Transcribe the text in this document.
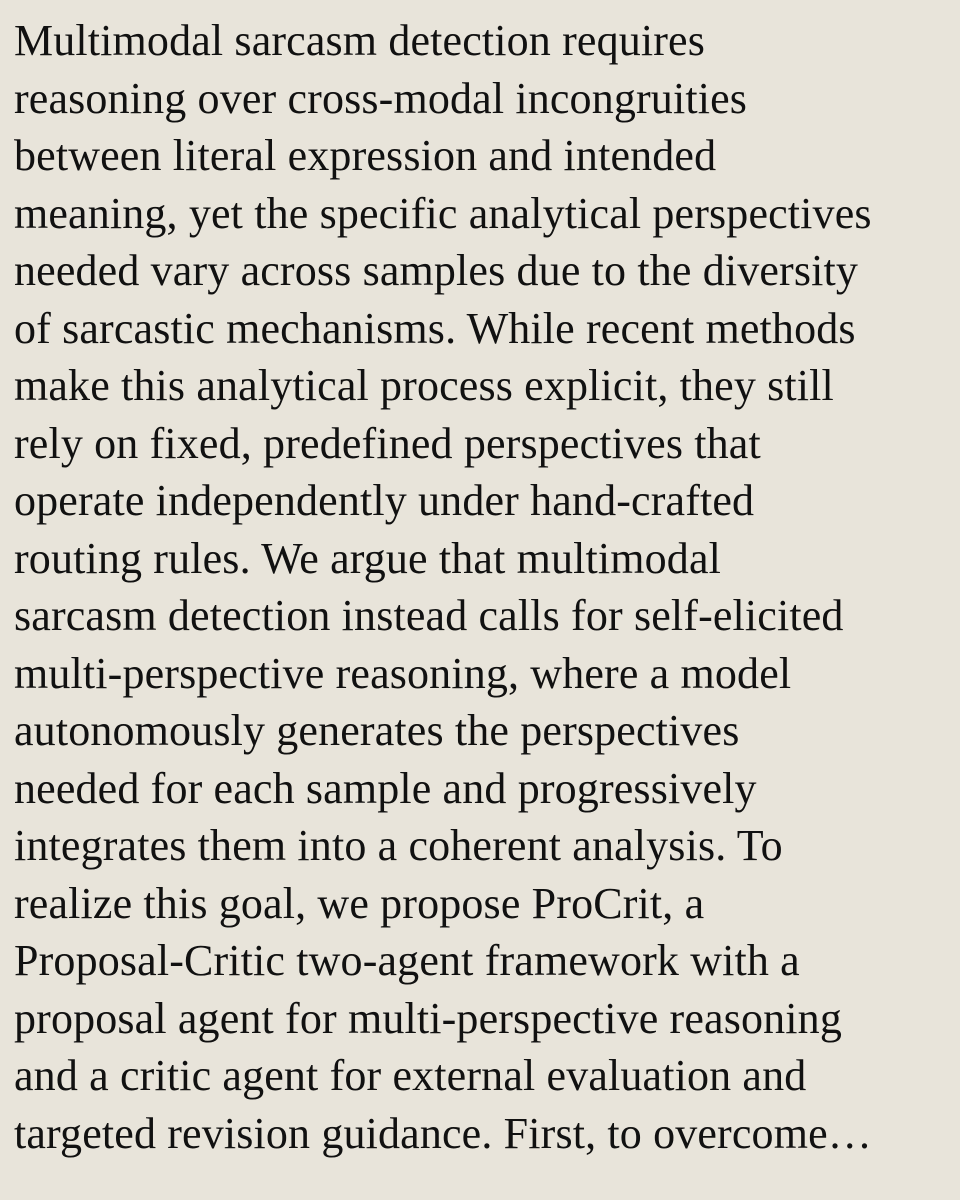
Multimodal sarcasm detection requires
reasoning over cross-modal incongruities
between literal expression and intended
meaning, yet the specific analytical perspectives
needed vary across samples due to the diversity
of sarcastic mechanisms. While recent methods
make this analytical process explicit, they still
rely on fixed, predefined perspectives that
operate independently under hand-crafted
routing rules. We argue that multimodal
sarcasm detection instead calls for self-elicited
multi-perspective reasoning, where a model
autonomously generates the perspectives
needed for each sample and progressively
integrates them into a coherent analysis. To
realize this goal, we propose ProCrit, a
Proposal-Critic two-agent framework with a
proposal agent for multi-perspective reasoning
and a critic agent for external evaluation and
targeted revision guidance. First, to overcome…
